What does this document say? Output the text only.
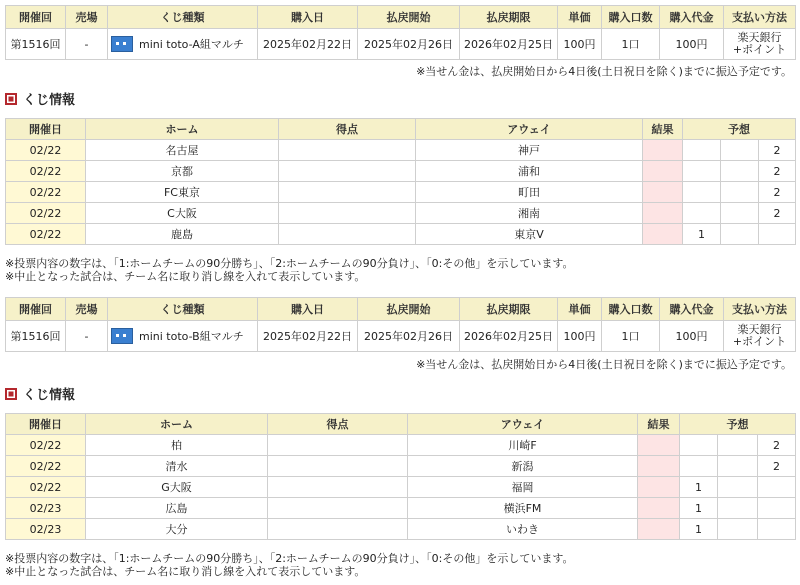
開催回	売場	くじ種類	購入日	払戻開始	払戻期限	単価	購入口数	購入代金	支払い方法
第1516回	-	mini toto-A組マルチ	2025年02月22日	2025年02月26日	2026年02月25日	100円	1口	100円	楽天銀行
+ポイント
※当せん金は、払戻開始日から4日後(土日祝日を除く)までに振込予定です。
くじ情報
開催日	ホーム	得点	アウェイ	結果	予想		
02/22	名古屋		神戸				2
02/22	京都		浦和				2
02/22	FC東京		町田				2
02/22	C大阪		湘南				2
02/22	鹿島		東京V		1		
※投票内容の数字は、「1:ホームチームの90分勝ち」、「2:ホームチームの90分負け」、「0:その他」を示しています。
※中止となった試合は、チーム名に取り消し線を入れて表示しています。
開催回	売場	くじ種類	購入日	払戻開始	払戻期限	単価	購入口数	購入代金	支払い方法
第1516回	-	mini toto-B組マルチ	2025年02月22日	2025年02月26日	2026年02月25日	100円	1口	100円	楽天銀行
+ポイント
※当せん金は、払戻開始日から4日後(土日祝日を除く)までに振込予定です。
くじ情報
開催日	ホーム	得点	アウェイ	結果	予想		
02/22	柏		川崎F				2
02/22	清水		新潟				2
02/22	G大阪		福岡		1		
02/23	広島		横浜FM		1		
02/23	大分		いわき		1		
※投票内容の数字は、「1:ホームチームの90分勝ち」、「2:ホームチームの90分負け」、「0:その他」を示しています。
※中止となった試合は、チーム名に取り消し線を入れて表示しています。
